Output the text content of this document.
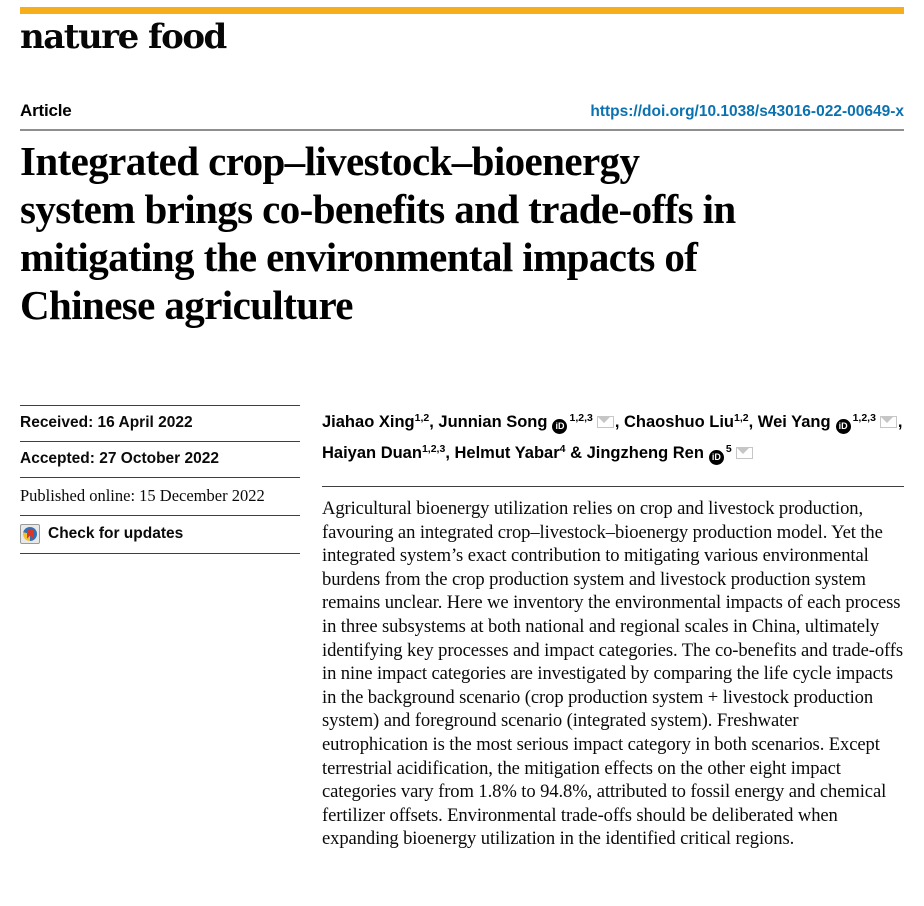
nature food
Article	https://doi.org/10.1038/s43016-022-00649-x
Integrated crop–livestock–bioenergy
system brings co-benefits and trade-offs in
mitigating the environmental impacts of
Chinese agriculture
Received: 16 April 2022
Accepted: 27 October 2022
Published online: 15 December 2022
Check for updates
Jiahao Xing$^{1,2}$, Junnian Song iD$^{1,2,3}$ , Chaoshuo Liu$^{1,2}$, Wei Yang iD$^{1,2,3}$ ,
Haiyan Duan$^{1,2,3}$, Helmut Yabar$^4$ & Jingzheng Ren $iD^5$

Agricultural bioenergy utilization relies on crop and livestock production, favouring an integrated crop–livestock–bioenergy production model. Yet the integrated system’s exact contribution to mitigating various environmental burdens from the crop production system and livestock production system remains unclear. Here we inventory the environmental impacts of each process in three subsystems at both national and regional scales in China, ultimately identifying key processes and impact categories. The co-benefits and trade-offs in nine impact categories are investigated by comparing the life cycle impacts in the background scenario (crop production system + livestock production system) and foreground scenario (integrated system). Freshwater eutrophication is the most serious impact category in both scenarios. Except terrestrial acidification, the mitigation effects on the other eight impact categories vary from 1.8% to 94.8%, attributed to fossil energy and chemical fertilizer offsets. Environmental trade-offs should be deliberated when expanding bioenergy utilization in the identified critical regions.
